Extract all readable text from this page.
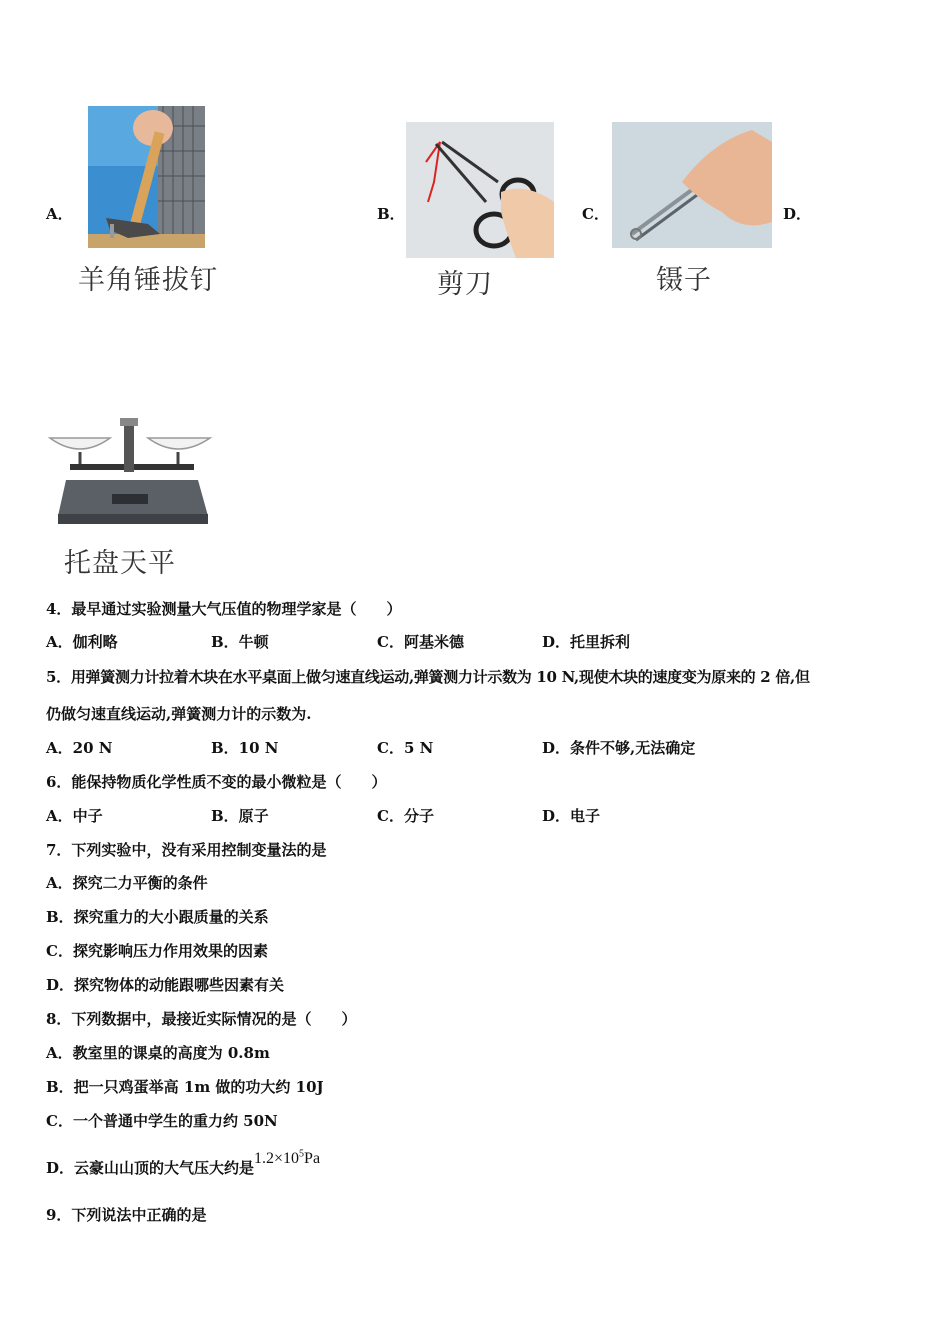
A．
羊角锤拔钉
B．
剪刀
C．
镊子
D．
托盘天平
4．最早通过实验测量大气压值的物理学家是（　　）
A．伽利略	B．牛顿	C．阿基米德	D．托里拆利
5．用弹簧测力计拉着木块在水平桌面上做匀速直线运动,弹簧测力计示数为 10 N,现使木块的速度变为原来的 2 倍,但
仍做匀速直线运动,弹簧测力计的示数为.
A．20 N	B．10 N	C．5 N	D．条件不够,无法确定
6．能保持物质化学性质不变的最小微粒是（　　）
A．中子	B．原子	C．分子	D．电子
7．下列实验中，没有采用控制变量法的是
A．探究二力平衡的条件
B．探究重力的大小跟质量的关系
C．探究影响压力作用效果的因素
D．探究物体的动能跟哪些因素有关
8．下列数据中，最接近实际情况的是（　　）
A．教室里的课桌的高度为 0.8m
B．把一只鸡蛋举高 1m 做的功大约 10J
C．一个普通中学生的重力约 50N
D．云豪山山顶的大气压大约是$1.2\times 10^5Pa$
9．下列说法中正确的是
